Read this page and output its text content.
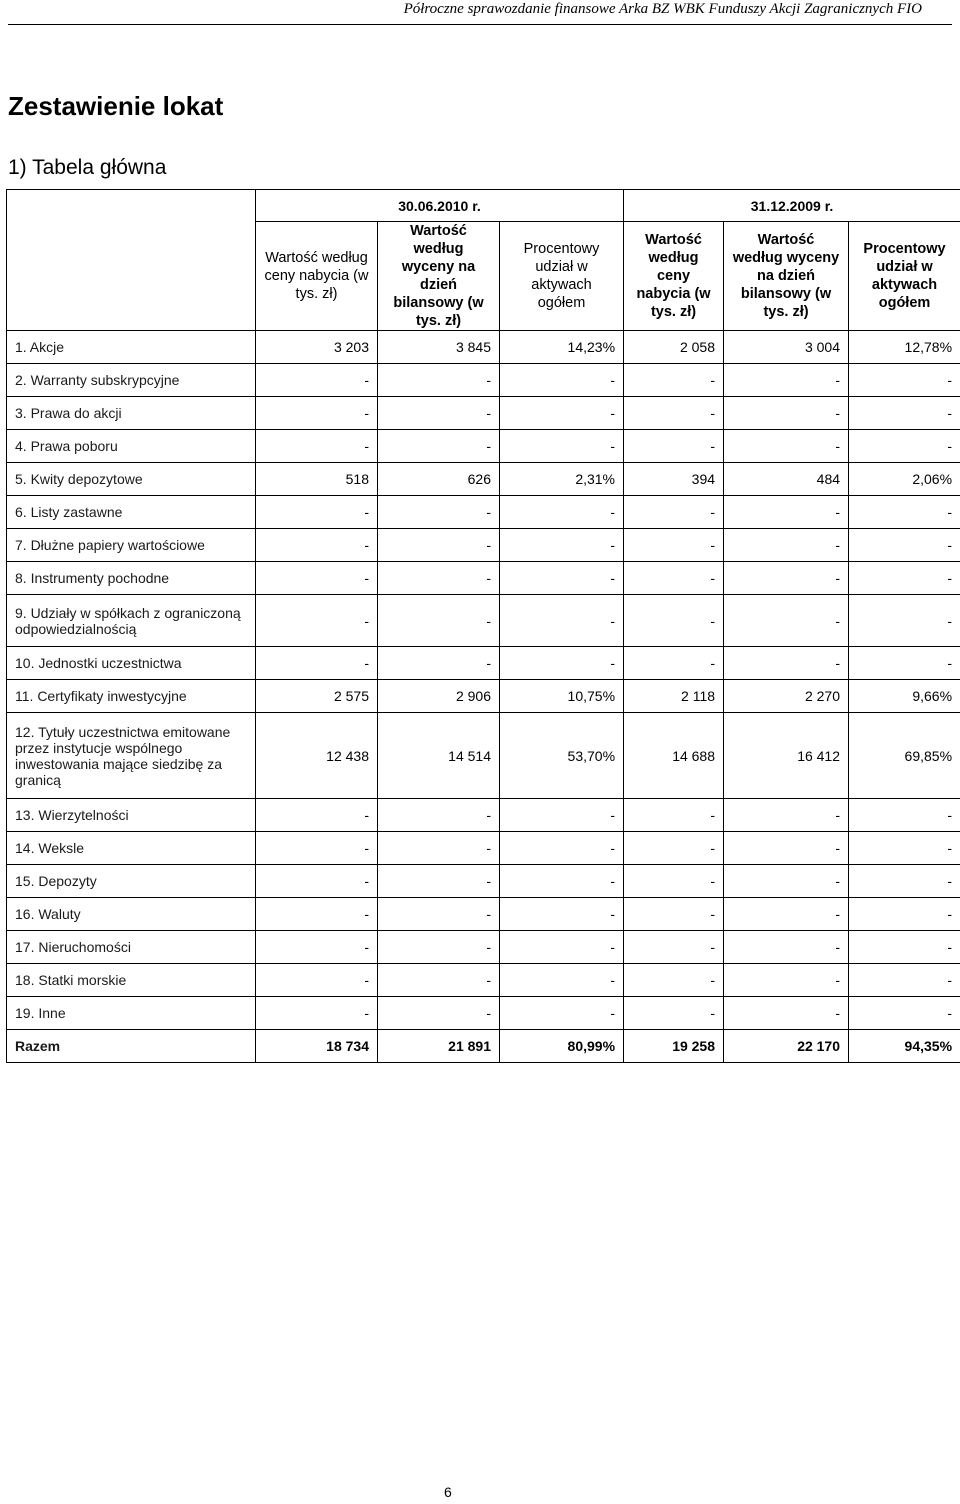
Półroczne sprawozdanie finansowe Arka BZ WBK Funduszy Akcji Zagranicznych FIO
Zestawienie lokat
1) Tabela główna
	30.06.2010 r.			31.12.2009 r.		
	Wartość według ceny nabycia (w tys. zł)	Wartość według wyceny na dzień bilansowy (w tys. zł)	Procentowy udział w aktywach ogółem	Wartość według ceny nabycia (w tys. zł)	Wartość według wyceny na dzień bilansowy (w tys. zł)	Procentowy udział w aktywach ogółem
1. Akcje	3 203	3 845	14,23%	2 058	3 004	12,78%
2. Warranty subskrypcyjne	-	-	-	-	-	-
3. Prawa do akcji	-	-	-	-	-	-
4. Prawa poboru	-	-	-	-	-	-
5. Kwity depozytowe	518	626	2,31%	394	484	2,06%
6. Listy zastawne	-	-	-	-	-	-
7. Dłużne papiery wartościowe	-	-	-	-	-	-
8. Instrumenty pochodne	-	-	-	-	-	-
9. Udziały w spółkach z ograniczoną odpowiedzialnością	-	-	-	-	-	-
10. Jednostki uczestnictwa	-	-	-	-	-	-
11. Certyfikaty inwestycyjne	2 575	2 906	10,75%	2 118	2 270	9,66%
12. Tytuły uczestnictwa emitowane przez instytucje wspólnego inwestowania mające siedzibę za granicą	12 438	14 514	53,70%	14 688	16 412	69,85%
13. Wierzytelności	-	-	-	-	-	-
14. Weksle	-	-	-	-	-	-
15. Depozyty	-	-	-	-	-	-
16. Waluty	-	-	-	-	-	-
17. Nieruchomości	-	-	-	-	-	-
18. Statki morskie	-	-	-	-	-	-
19. Inne	-	-	-	-	-	-
Razem	18 734	21 891	80,99%	19 258	22 170	94,35%
6
